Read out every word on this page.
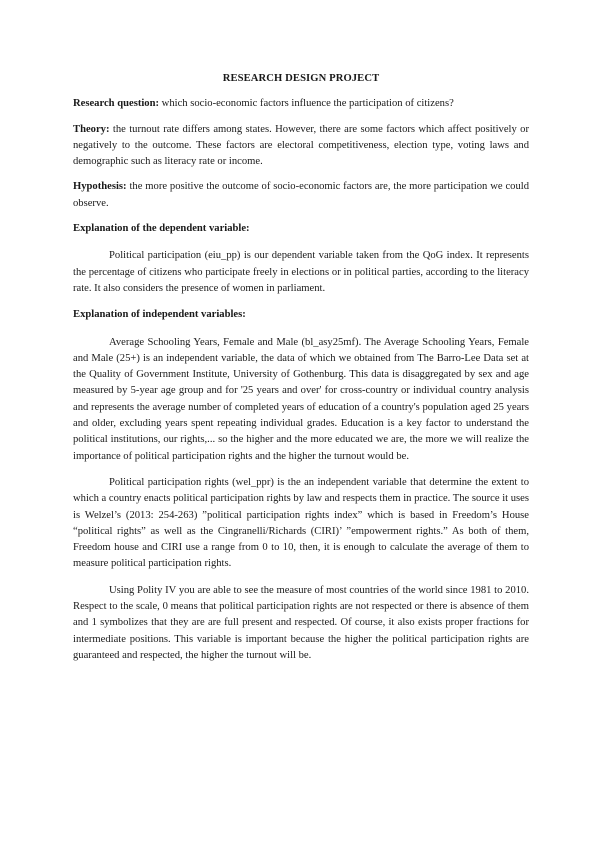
RESEARCH DESIGN PROJECT

Research question: which socio-economic factors influence the participation of citizens?

Theory: the turnout rate differs among states. However, there are some factors which affect positively or negatively to the outcome. These factors are electoral competitiveness, election type, voting laws and demographic such as literacy rate or income.

Hypothesis: the more positive the outcome of socio-economic factors are, the more participation we could observe.

Explanation of the dependent variable:

Political participation (eiu_pp) is our dependent variable taken from the QoG index. It represents the percentage of citizens who participate freely in elections or in political parties, according to the literacy rate. It also considers the presence of women in parliament.

Explanation of independent variables:

Average Schooling Years, Female and Male (bl_asy25mf). The Average Schooling Years, Female and Male (25+) is an independent variable, the data of which we obtained from The Barro-Lee Data set at the Quality of Government Institute, University of Gothenburg. This data is disaggregated by sex and age measured by 5-year age group and for '25 years and over' for cross-country or individual country analysis and represents the average number of completed years of education of a country's population aged 25 years and older, excluding years spent repeating individual grades. Education is a key factor to understand the political institutions, our rights,... so the higher and the more educated we are, the more we will realize the importance of political participation rights and the higher the turnout would be.

Political participation rights (wel_ppr) is the an independent variable that determine the extent to which a country enacts political participation rights by law and respects them in practice. The source it uses is Welzel’s (2013: 254-263) ”political participation rights index” which is based in Freedom’s House “political rights” as well as the Cingranelli/Richards (CIRI)’ ”empowerment rights.” As both of them, Freedom house and CIRI use a range from 0 to 10, then, it is enough to calculate the average of them to measure political participation rights.

Using Polity IV you are able to see the measure of most countries of the world since 1981 to 2010. Respect to the scale, 0 means that political participation rights are not respected or there is absence of them and 1 symbolizes that they are are full present and respected. Of course, it also exists proper fractions for intermediate positions. This variable is important because the higher the political participation rights are guaranteed and respected, the higher the turnout will be.
